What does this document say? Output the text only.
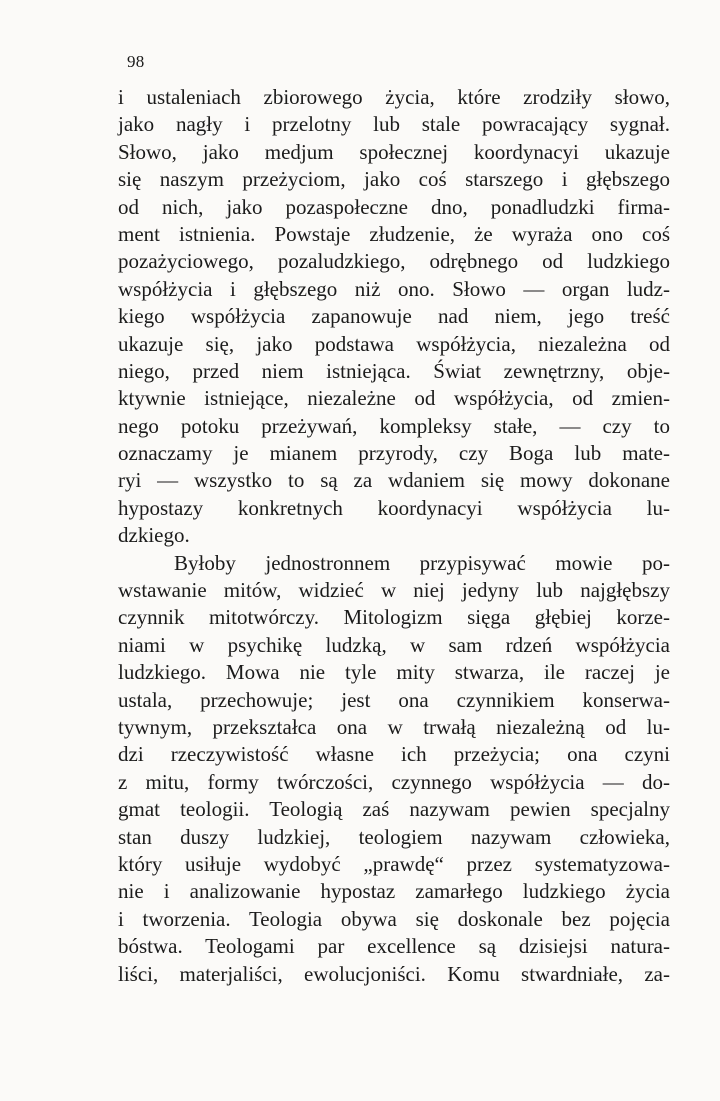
98
i ustaleniach zbiorowego życia, które zrodziły słowo,
jako nagły i przelotny lub stale powracający sygnał.
Słowo, jako medjum społecznej koordynacyi ukazuje
się naszym przeżyciom, jako coś starszego i głębszego
od nich, jako pozaspołeczne dno, ponadludzki firma-
ment istnienia. Powstaje złudzenie, że wyraża ono coś
pozażyciowego, pozaludzkiego, odrębnego od ludzkiego
współżycia i głębszego niż ono. Słowo — organ ludz-
kiego współżycia zapanowuje nad niem, jego treść
ukazuje się, jako podstawa współżycia, niezależna od
niego, przed niem istniejąca. Świat zewnętrzny, obje-
ktywnie istniejące, niezależne od współżycia, od zmien-
nego potoku przeżywań, kompleksy stałe, — czy to
oznaczamy je mianem przyrody, czy Boga lub mate-
ryi — wszystko to są za wdaniem się mowy dokonane
hypostazy konkretnych koordynacyi współżycia lu-
dzkiego.
Byłoby jednostronnem przypisywać mowie po-
wstawanie mitów, widzieć w niej jedyny lub najgłębszy
czynnik mitotwórczy. Mitologizm sięga głębiej korze-
niami w psychikę ludzką, w sam rdzeń współżycia
ludzkiego. Mowa nie tyle mity stwarza, ile raczej je
ustala, przechowuje; jest ona czynnikiem konserwa-
tywnym, przekształca ona w trwałą niezależną od lu-
dzi rzeczywistość własne ich przeżycia; ona czyni
z mitu, formy twórczości, czynnego współżycia — do-
gmat teologii. Teologią zaś nazywam pewien specjalny
stan duszy ludzkiej, teologiem nazywam człowieka,
który usiłuje wydobyć „prawdę“ przez systematyzowa-
nie i analizowanie hypostaz zamarłego ludzkiego życia
i tworzenia. Teologia obywa się doskonale bez pojęcia
bóstwa. Teologami par excellence są dzisiejsi natura-
liści, materjaliści, ewolucjoniści. Komu stwardniałe, za-
